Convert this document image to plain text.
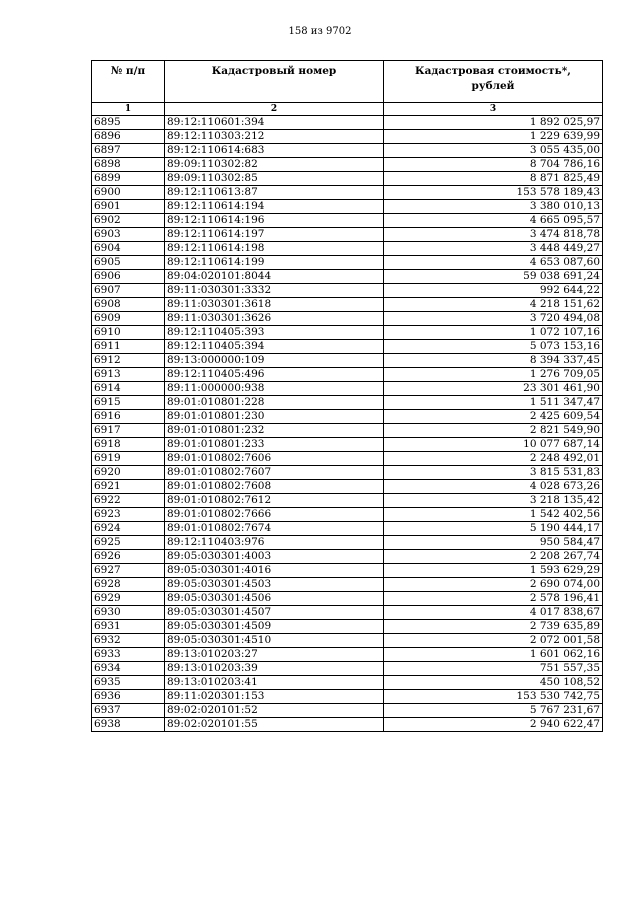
158 из 9702
№ п/п	Кадастровый номер	Кадастровая стоимость*,
рублей
1	2	3
6895	89:12:110601:394	1 892 025,97
6896	89:12:110303:212	1 229 639,99
6897	89:12:110614:683	3 055 435,00
6898	89:09:110302:82	8 704 786,16
6899	89:09:110302:85	8 871 825,49
6900	89:12:110613:87	153 578 189,43
6901	89:12:110614:194	3 380 010,13
6902	89:12:110614:196	4 665 095,57
6903	89:12:110614:197	3 474 818,78
6904	89:12:110614:198	3 448 449,27
6905	89:12:110614:199	4 653 087,60
6906	89:04:020101:8044	59 038 691,24
6907	89:11:030301:3332	992 644,22
6908	89:11:030301:3618	4 218 151,62
6909	89:11:030301:3626	3 720 494,08
6910	89:12:110405:393	1 072 107,16
6911	89:12:110405:394	5 073 153,16
6912	89:13:000000:109	8 394 337,45
6913	89:12:110405:496	1 276 709,05
6914	89:11:000000:938	23 301 461,90
6915	89:01:010801:228	1 511 347,47
6916	89:01:010801:230	2 425 609,54
6917	89:01:010801:232	2 821 549,90
6918	89:01:010801:233	10 077 687,14
6919	89:01:010802:7606	2 248 492,01
6920	89:01:010802:7607	3 815 531,83
6921	89:01:010802:7608	4 028 673,26
6922	89:01:010802:7612	3 218 135,42
6923	89:01:010802:7666	1 542 402,56
6924	89:01:010802:7674	5 190 444,17
6925	89:12:110403:976	950 584,47
6926	89:05:030301:4003	2 208 267,74
6927	89:05:030301:4016	1 593 629,29
6928	89:05:030301:4503	2 690 074,00
6929	89:05:030301:4506	2 578 196,41
6930	89:05:030301:4507	4 017 838,67
6931	89:05:030301:4509	2 739 635,89
6932	89:05:030301:4510	2 072 001,58
6933	89:13:010203:27	1 601 062,16
6934	89:13:010203:39	751 557,35
6935	89:13:010203:41	450 108,52
6936	89:11:020301:153	153 530 742,75
6937	89:02:020101:52	5 767 231,67
6938	89:02:020101:55	2 940 622,47
